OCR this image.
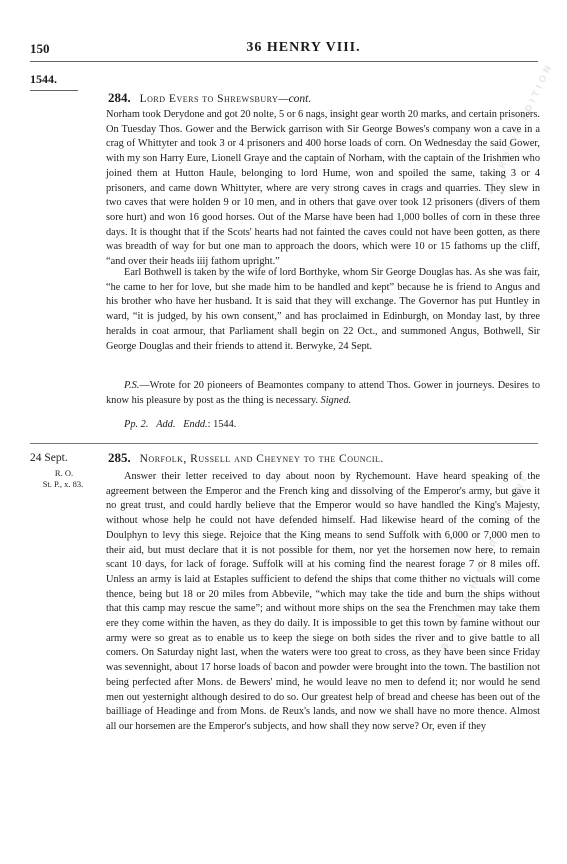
150	36 HENRY VIII.
1544.	ELECTRONIC EDITION
BRITISH HISTORY ONLINE
284. Lord Evers to Shrewsbury—cont.
Norham took Derydone and got 20 nolte, 5 or 6 nags, insight gear worth 20 marks, and certain prisoners. On Tuesday Thos. Gower and the Berwick garrison with Sir George Bowes's company won a cave in a crag of Whittyter and took 3 or 4 prisoners and 400 horse loads of corn. On Wednesday the said Gower, with my son Harry Eure, Lionell Graye and the captain of Norham, with the captain of the Irishmen who joined them at Hutton Haule, belonging to lord Hume, won and spoiled the same, taking 3 or 4 prisoners, and came down Whittyter, where are very strong caves in crags and quarries. They slew in two caves that were holden 9 or 10 men, and in others that gave over took 12 prisoners (divers of them sore hurt) and won 16 good horses. Out of the Marse have been had 1,000 bolles of corn in these three days. It is thought that if the Scots' hearts had not fainted the caves could not have been gotten, as there was breadth of way for but one man to approach the doors, which were 10 or 15 fathoms up the cliff, “and over their heads iiij fathom upright.”
Earl Bothwell is taken by the wife of lord Borthyke, whom Sir George Douglas has. As she was fair, “he came to her for love, but she made him to be handled and kept” because he is friend to Angus and his brother who have her husband. It is said that they will exchange. The Governor has put Huntley in ward, “it is judged, by his own consent,” and has proclaimed in Edinburgh, on Monday last, by three heralds in coat armour, that Parliament shall begin on 22 Oct., and summoned Angus, Bothwell, Sir George Douglas and their friends to attend it. Berwyke, 24 Sept.
P.S.—Wrote for 20 pioneers of Beamontes company to attend Thos. Gower in journeys. Desires to know his pleasure by post as the thing is necessary. Signed.
Pp. 2. Add. Endd.: 1544.
24 Sept.
R. O.
St. P., x. 83.
285. Norfolk, Russell and Cheyney to the Council.
Answer their letter received to day about noon by Rychemount. Have heard speaking of the agreement between the Emperor and the French king and dissolving of the Emperor's army, but gave it no great trust, and could hardly believe that the Emperor would so have handled the King's Majesty, without whose help he could not have defended himself. Had likewise heard of the coming of the Doulphyn to levy this siege. Rejoice that the King means to send Suffolk with 6,000 or 7,000 men to their aid, but must declare that it is not possible for them, nor yet the horsemen now here, to remain scant 10 days, for lack of forage. Suffolk will at his coming find the nearest forage 7 or 8 miles off. Unless an army is laid at Estaples sufficient to defend the ships that come thither no victuals will come thence, being but 18 or 20 miles from Abbevile, “which may take the tide and burn the ships without that this camp may rescue the same”; and without more ships on the sea the Frenchmen may take them ere they come within the haven, as they do daily. It is impossible to get this town by famine without our army were so great as to enable us to keep the siege on both sides the river and to give battle to all comers. On Saturday night last, when the waters were too great to cross, as they have been since Friday was sevennight, about 17 horse loads of bacon and powder were brought into the town. The bastilion not being perfected after Mons. de Bewers' mind, he would leave no men to defend it; nor would he send men out yesternight although desired to do so. Our greatest help of bread and cheese has been out of the bailliage of Headinge and from Mons. de Reux's lands, and now we shall have no more thence. Almost all our horsemen are the Emperor's subjects, and how shall they now serve? Or, even if they
